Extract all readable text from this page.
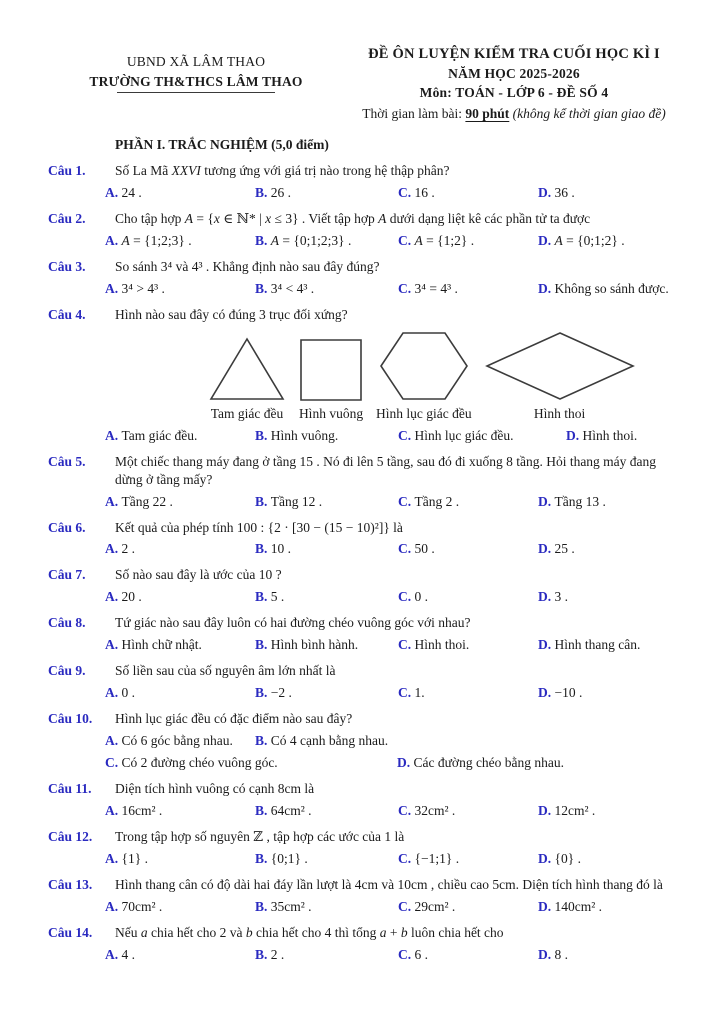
UBND XÃ LÂM THAO
TRƯỜNG TH&THCS LÂM THAO
ĐỀ ÔN LUYỆN KIỂM TRA CUỐI HỌC KÌ I
NĂM HỌC 2025-2026
Môn: TOÁN - LỚP 6 - ĐỀ SỐ 4
Thời gian làm bài: 90 phút (không kể thời gian giao đề)
PHẦN I. TRẮC NGHIỆM (5,0 điểm)
Câu 1.	Số La Mã XXVI tương ứng với giá trị nào trong hệ thập phân?
A. 24 .	B. 26 .	C. 16 .	D. 36 .
Câu 2.	Cho tập hợp A = {x ∈ ℕ* | x ≤ 3} . Viết tập hợp A dưới dạng liệt kê các phần tử ta được
A. A = {1;2;3} .	B. A = {0;1;2;3} .	C. A = {1;2} .	D. A = {0;1;2} .
Câu 3.	So sánh 3⁴ và 4³ . Khẳng định nào sau đây đúng?
A. 3⁴ > 4³ .	B. 3⁴ < 4³ .	C. 3⁴ = 4³ .	D. Không so sánh được.
Câu 4.	Hình nào sau đây có đúng 3 trục đối xứng?
Tam giác đều Hình vuông Hình lục giác đều	Hình thoi
A. Tam giác đều.	B. Hình vuông.	C. Hình lục giác đều.	D. Hình thoi.
Câu 5.	Một chiếc thang máy đang ở tầng 15 . Nó đi lên 5 tầng, sau đó đi xuống 8 tầng. Hỏi thang máy đang dừng ở tầng mấy?
A. Tầng 22 .	B. Tầng 12 .	C. Tầng 2 .	D. Tầng 13 .
Câu 6.	Kết quả của phép tính 100 : {2 · [30 − (15 − 10)²]} là
A. 2 .	B. 10 .	C. 50 .	D. 25 .
Câu 7.	Số nào sau đây là ước của 10 ?
A. 20 .	B. 5 .	C. 0 .	D. 3 .
Câu 8.	Tứ giác nào sau đây luôn có hai đường chéo vuông góc với nhau?
A. Hình chữ nhật.	B. Hình bình hành.	C. Hình thoi.	D. Hình thang cân.
Câu 9.	Số liền sau của số nguyên âm lớn nhất là
A. 0 .	B. −2 .	C. 1.	D. −10 .
Câu 10.	Hình lục giác đều có đặc điểm nào sau đây?
A. Có 6 góc bằng nhau.	B. Có 4 cạnh bằng nhau.
C. Có 2 đường chéo vuông góc.	D. Các đường chéo bằng nhau.
Câu 11.	Diện tích hình vuông có cạnh 8cm là
A. 16cm² .	B. 64cm² .	C. 32cm² .	D. 12cm² .
Câu 12.	Trong tập hợp số nguyên ℤ , tập hợp các ước của 1 là
A. {1} .	B. {0;1} .	C. {−1;1} .	D. {0} .
Câu 13.	Hình thang cân có độ dài hai đáy lần lượt là 4cm và 10cm , chiều cao 5cm. Diện tích hình thang đó là
A. 70cm² .	B. 35cm² .	C. 29cm² .	D. 140cm² .
Câu 14.	Nếu a chia hết cho 2 và b chia hết cho 4 thì tổng a + b luôn chia hết cho
A. 4 .	B. 2 .	C. 6 .	D. 8 .
